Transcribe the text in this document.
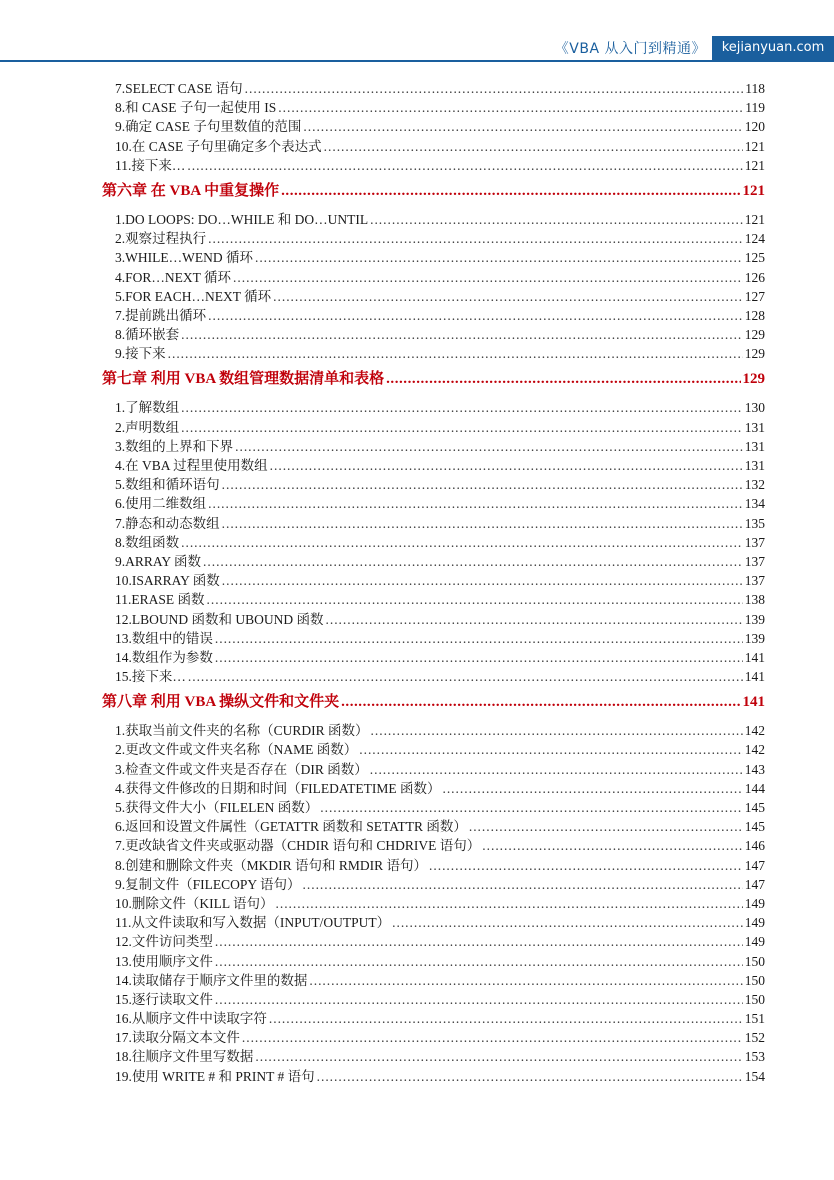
《VBA 从入门到精通》	kejianyuan.com
7.SELECT CASE 语句 . . .	118
8.和 CASE 子句一起使用 IS . . .	119
9.确定 CASE 子句里数值的范围 . . .	120
10.在 CASE 子句里确定多个表达式 . . .	121
11.接下来… . . .	121
第六章 在 VBA 中重复操作 . . .	121
1.DO LOOPS: DO…WHILE 和 DO…UNTIL . . .	121
2.观察过程执行 . . .	124
3.WHILE…WEND 循环 . . .	125
4.FOR…NEXT 循环 . . .	126
5.FOR EACH…NEXT 循环 . . .	127
7.提前跳出循环 . . .	128
8.循环嵌套 . . .	129
9.接下来 . . .	129
第七章 利用 VBA 数组管理数据清单和表格 . . .	129
1.了解数组 . . .	130
2.声明数组 . . .	131
3.数组的上界和下界 . . .	131
4.在 VBA 过程里使用数组 . . .	131
5.数组和循环语句 . . .	132
6.使用二维数组 . . .	134
7.静态和动态数组 . . .	135
8.数组函数 . . .	137
9.ARRAY 函数 . . .	137
10.ISARRAY 函数 . . .	137
11.ERASE 函数 . . .	138
12.LBOUND 函数和 UBOUND 函数 . . .	139
13.数组中的错误 . . .	139
14.数组作为参数 . . .	141
15.接下来… . . .	141
第八章 利用 VBA 操纵文件和文件夹 . . .	141
1.获取当前文件夹的名称（CURDIR 函数） . . .	142
2.更改文件或文件夹名称（NAME 函数） . . .	142
3.检查文件或文件夹是否存在（DIR 函数） . . .	143
4.获得文件修改的日期和时间（FILEDATETIME 函数） . . .	144
5.获得文件大小（FILELEN 函数） . . .	145
6.返回和设置文件属性（GETATTR 函数和 SETATTR 函数） . . .	145
7.更改缺省文件夹或驱动器（CHDIR 语句和 CHDRIVE 语句） . . .	146
8.创建和删除文件夹（MKDIR 语句和 RMDIR 语句） . . .	147
9.复制文件（FILECOPY 语句） . . .	147
10.删除文件（KILL 语句） . . .	149
11.从文件读取和写入数据（INPUT/OUTPUT） . . .	149
12.文件访问类型 . . .	149
13.使用顺序文件 . . .	150
14.读取储存于顺序文件里的数据 . . .	150
15.逐行读取文件 . . .	150
16.从顺序文件中读取字符 . . .	151
17.读取分隔文本文件 . . .	152
18.往顺序文件里写数据 . . .	153
19.使用 WRITE # 和 PRINT # 语句 . . .	154
